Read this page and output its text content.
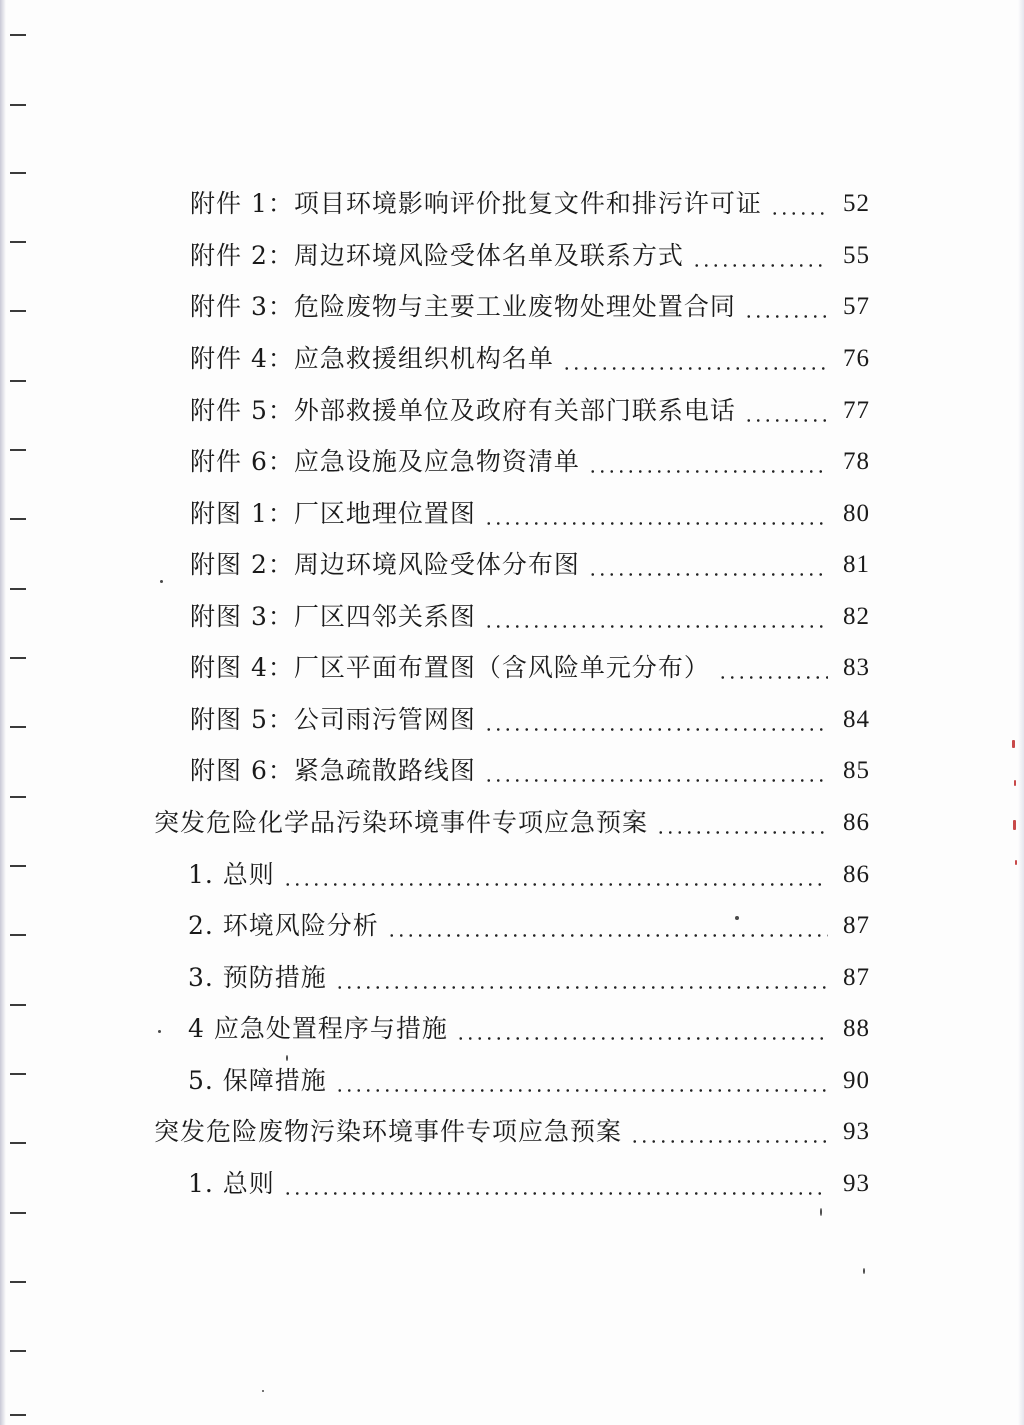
附件 1：项目环境影响评价批复文件和排污许可证	52
附件 2：周边环境风险受体名单及联系方式	55
附件 3：危险废物与主要工业废物处理处置合同	57
附件 4：应急救援组织机构名单	76
附件 5：外部救援单位及政府有关部门联系电话	77
附件 6：应急设施及应急物资清单	78
附图 1：厂区地理位置图	80
附图 2：周边环境风险受体分布图	81
附图 3：厂区四邻关系图	82
附图 4：厂区平面布置图（含风险单元分布）	83
附图 5：公司雨污管网图	84
附图 6：紧急疏散路线图	85
突发危险化学品污染环境事件专项应急预案	86
1. 总则	86
2. 环境风险分析	87
3. 预防措施	87
4 应急处置程序与措施	88
5. 保障措施	90
突发危险废物污染环境事件专项应急预案	93
1. 总则	93
